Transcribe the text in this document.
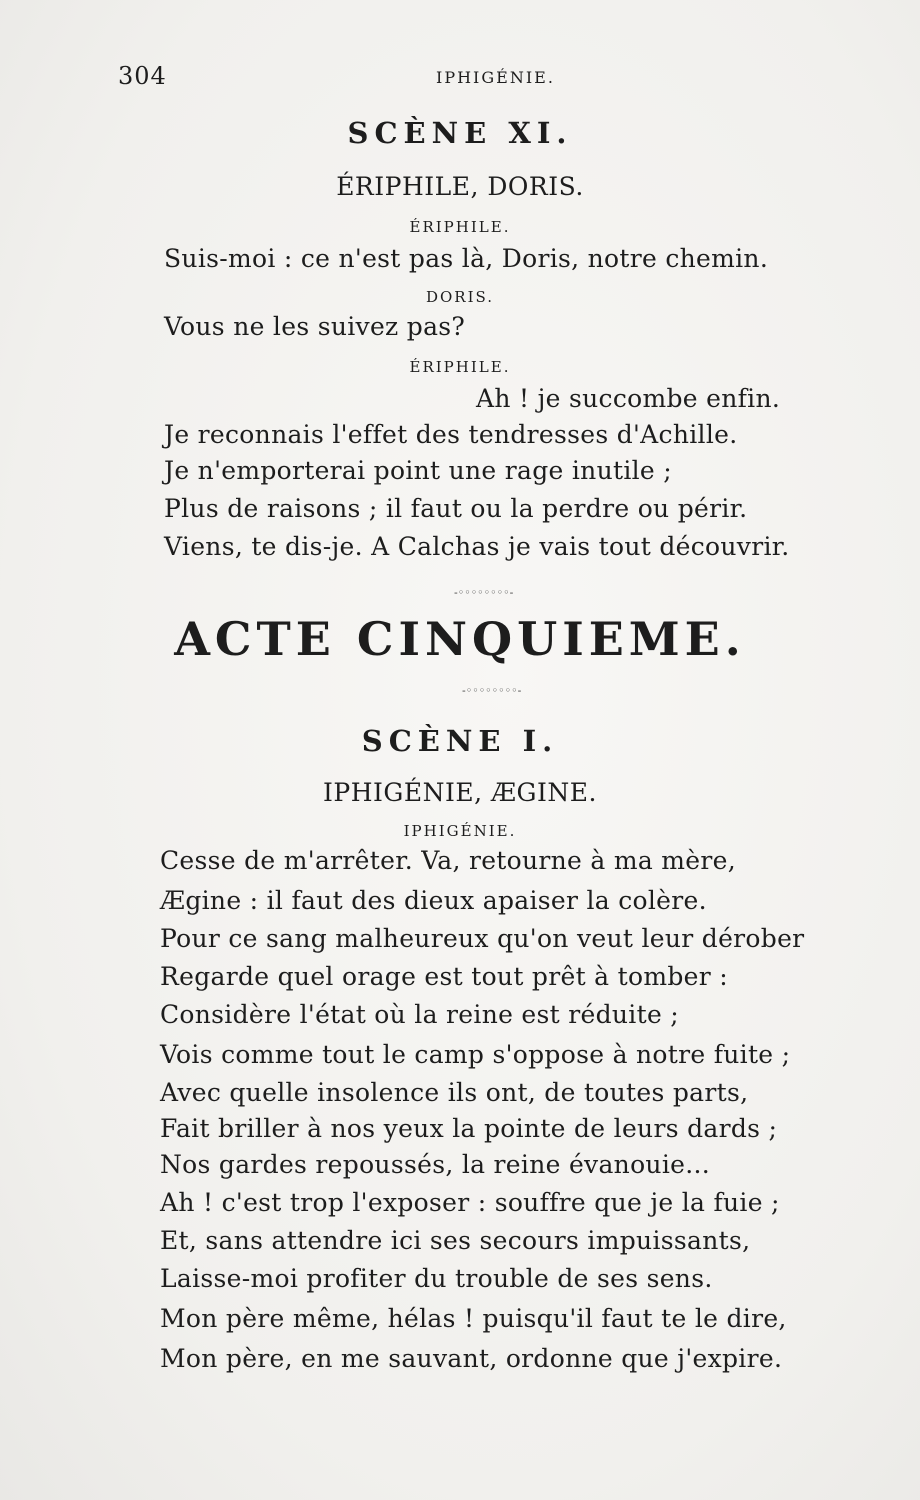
304	IPHIGÉNIE.
SCÈNE XI.
ÉRIPHILE, DORIS.
ÉRIPHILE.
Suis-moi : ce n'est pas là, Doris, notre chemin.
DORIS.
Vous ne les suivez pas?
ÉRIPHILE.
Ah ! je succombe enfin.
Je reconnais l'effet des tendresses d'Achille.
Je n'emporterai point une rage inutile ;
Plus de raisons ; il faut ou la perdre ou périr.
Viens, te dis-je. A Calchas je vais tout découvrir.
-◦◦◦◦◦◦◦◦-
ACTE CINQUIEME.
-◦◦◦◦◦◦◦◦-
SCÈNE I.
IPHIGÉNIE, ÆGINE.
IPHIGÉNIE.
Cesse de m'arrêter. Va, retourne à ma mère,
Ægine : il faut des dieux apaiser la colère.
Pour ce sang malheureux qu'on veut leur dérober
Regarde quel orage est tout prêt à tomber :
Considère l'état où la reine est réduite ;
Vois comme tout le camp s'oppose à notre fuite ;
Avec quelle insolence ils ont, de toutes parts,
Fait briller à nos yeux la pointe de leurs dards ;
Nos gardes repoussés, la reine évanouie...
Ah ! c'est trop l'exposer : souffre que je la fuie ;
Et, sans attendre ici ses secours impuissants,
Laisse-moi profiter du trouble de ses sens.
Mon père même, hélas ! puisqu'il faut te le dire,
Mon père, en me sauvant, ordonne que j'expire.
